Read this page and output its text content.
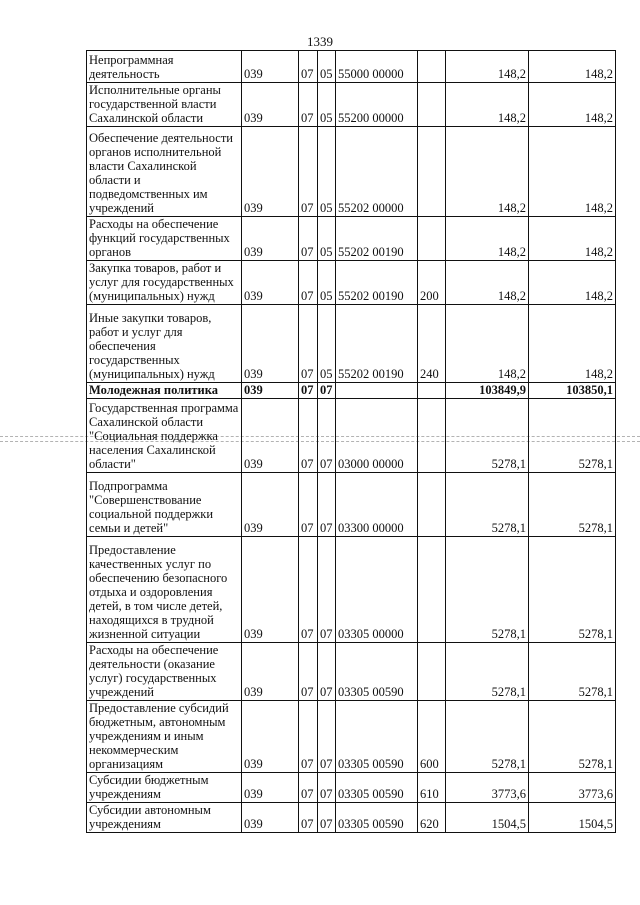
1339
Непрограммная деятельность	039	07	05	55000 00000		148,2	148,2
Исполнительные органы государственной власти Сахалинской области	039	07	05	55200 00000		148,2	148,2
Обеспечение деятельности органов исполнительной власти Сахалинской области и подведомственных им учреждений	039	07	05	55202 00000		148,2	148,2
Расходы на обеспечение функций государственных органов	039	07	05	55202 00190		148,2	148,2
Закупка товаров, работ и услуг для государственных (муниципальных) нужд	039	07	05	55202 00190	200	148,2	148,2
Иные закупки товаров, работ и услуг для обеспечения государственных (муниципальных) нужд	039	07	05	55202 00190	240	148,2	148,2
Молодежная политика	039	07	07			103849,9	103850,1
Государственная программа Сахалинской области "Социальная поддержка населения Сахалинской области"	039	07	07	03000 00000		5278,1	5278,1
Подпрограмма "Совершенствование социальной поддержки семьи и детей"	039	07	07	03300 00000		5278,1	5278,1
Предоставление качественных услуг по обеспечению безопасного отдыха и оздоровления детей, в том числе детей, находящихся в трудной жизненной ситуации	039	07	07	03305 00000		5278,1	5278,1
Расходы на обеспечение деятельности (оказание услуг) государственных учреждений	039	07	07	03305 00590		5278,1	5278,1
Предоставление субсидий бюджетным, автономным учреждениям и иным некоммерческим организациям	039	07	07	03305 00590	600	5278,1	5278,1
Субсидии бюджетным учреждениям	039	07	07	03305 00590	610	3773,6	3773,6
Субсидии автономным учреждениям	039	07	07	03305 00590	620	1504,5	1504,5
